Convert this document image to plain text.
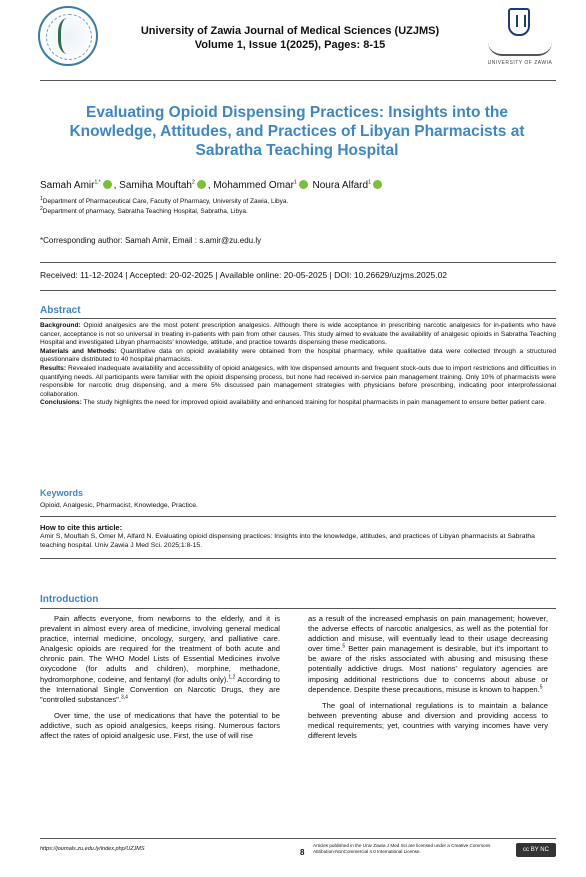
University of Zawia Journal of Medical Sciences (UZJMS)
Volume 1, Issue 1(2025), Pages: 8-15
UNIVERSITY OF ZAWIA
Evaluating Opioid Dispensing Practices: Insights into the Knowledge, Attitudes, and Practices of Libyan Pharmacists at Sabratha Teaching Hospital
Samah Amir$^{1,*}$ , Samiha Mouftah$^2$ , Mohammed Omar$^1$ Noura Alfard$^1$
$^1$Department of Pharmaceutical Care, Faculty of Pharmacy, University of Zawia, Libya.
$^2$Department of pharmacy, Sabratha Teaching Hospital, Sabratha, Libya.
*Corresponding author: Samah Amir, Email : s.amir@zu.edu.ly
Received: 11-12-2024 | Accepted: 20-02-2025 | Available online: 20-05-2025 | DOI: 10.26629/uzjms.2025.02
Abstract

Background: Opioid analgesics are the most potent prescription analgesics. Although there is wide acceptance in prescribing narcotic analgesics for in-patients who have cancer, acceptance is not so universal in treating in-patients with pain from other causes. This study aimed to evaluate the availability of analgesic opioids in Sabratha Teaching Hospital and investigated Libyan pharmacists' knowledge, attitude, and practice towards dispensing these medications.

Materials and Methods: Quantitative data on opioid availability were obtained from the hospital pharmacy, while qualitative data were collected through a structured questionnaire distributed to 40 hospital pharmacists.

Results: Revealed inadequate availability and accessibility of opioid analgesics, with low dispensed amounts and frequent stock-outs due to import restrictions and difficulties in quantifying needs. All participants were familiar with the opioid dispensing process, but none had received in-service pain management training. Only 10% of pharmacists were responsible for narcotic drug dispensing, and a mere 5% discussed pain management strategies with physicians before prescribing, indicating poor interprofessional collaboration.

Conclusions: The study highlights the need for improved opioid availability and enhanced training for hospital pharmacists in pain management to ensure better patient care.

Keywords
Opioid, Analgesic, Pharmacist, Knowledge, Practice.
How to cite this article:
Amir S, Mouftah S, Omer M, Alfard N. Evaluating opioid dispensing practices: Insights into the knowledge, attitudes, and practices of Libyan pharmacists at Sabratha teaching hospital. Univ Zawia J Med Sci. 2025;1:8-15.
Introduction

Pain affects everyone, from newborns to the elderly, and it is prevalent in almost every area of medicine, involving general medical practice, internal medicine, oncology, surgery, and palliative care. Analgesic opioids are required for the treatment of both acute and chronic pain. The WHO Model Lists of Essential Medicines involve oxycodone (for adults and children), morphine, methadone, hydromorphone, codeine, and fentanyl (for adults only).$^{1,2}$ According to the International Single Convention on Narcotic Drugs, they are "controlled substances".$^{3,4}$

Over time, the use of medications that have the potential to be addictive, such as opioid analgesics, keeps rising. Numerous factors affect the rates of opioid analgesic use. First, the use of will rise

as a result of the increased emphasis on pain management; however, the adverse effects of narcotic analgesics, as well as the potential for addiction and misuse, will eventually lead to their usage decreasing over time.$^5$ Better pain management is desirable, but it's important to be aware of the risks associated with abusing and misusing these potentially addictive drugs. Most nations' regulatory agencies are imposing additional restrictions due to concerns about abuse or dependence. Despite these precautions, misuse is known to happen.$^5$

The goal of international regulations is to maintain a balance between preventing abuse and diversion and providing access to medical requirements; yet, countries with varying incomes have very different levels

https://journals.zu.edu.ly/index.php/UZJMS	8
Articles published in the Univ Zawia J Med Sci are licensed under a Creative Commons Attribution-NonCommercial 4.0 International License.	cc BY NC
